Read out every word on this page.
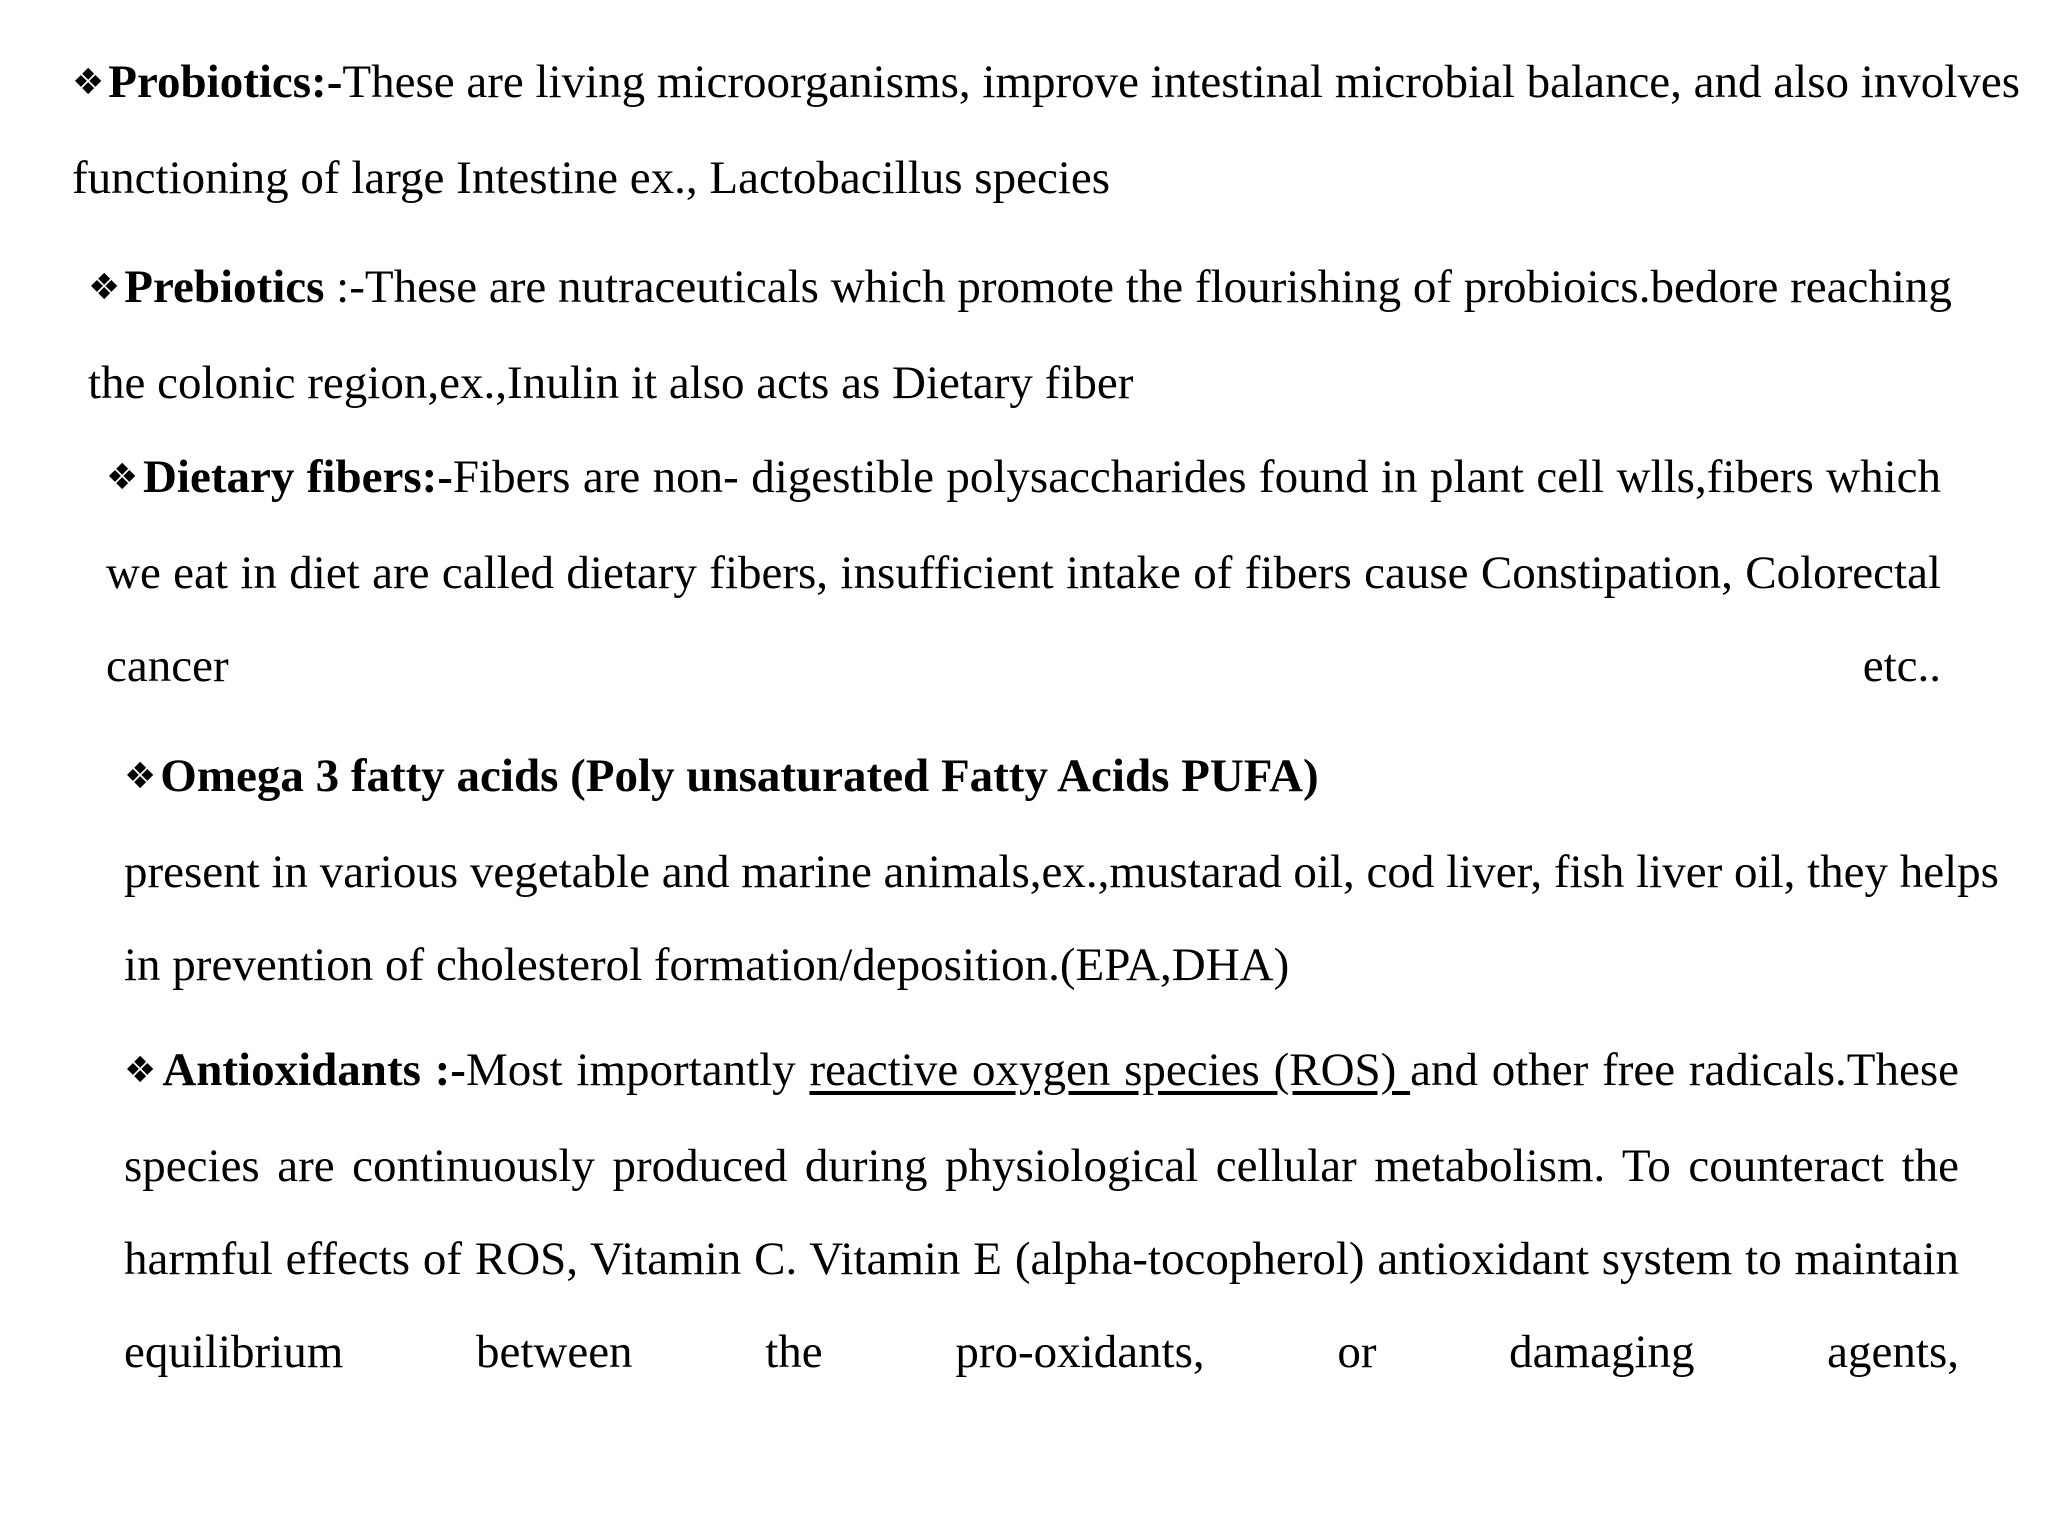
❖Probiotics:-These are living microorganisms, improve intestinal microbial balance, and also involves functioning of large Intestine ex., Lactobacillus species

❖Prebiotics :-These are nutraceuticals which promote the flourishing of probioics.bedore reaching the colonic region,ex.,Inulin it also acts as Dietary fiber

❖Dietary fibers:-Fibers are non- digestible polysaccharides found in plant cell wlls,fibers which we eat in diet are called dietary fibers, insufficient intake of fibers cause Constipation, Colorectal cancer etc..

❖Omega 3 fatty acids (Poly unsaturated Fatty Acids PUFA)
present in various vegetable and marine animals,ex.,mustarad oil, cod liver, fish liver oil, they helps in prevention of cholesterol formation/deposition.(EPA,DHA)

❖Antioxidants :-Most importantly reactive oxygen species (ROS) and other free radicals.These species are continuously produced during physiological cellular metabolism. To counteract the harmful effects of ROS, Vitamin C. Vitamin E (alpha-tocopherol) antioxidant system to maintain equilibrium between the pro-oxidants, or damaging agents,
